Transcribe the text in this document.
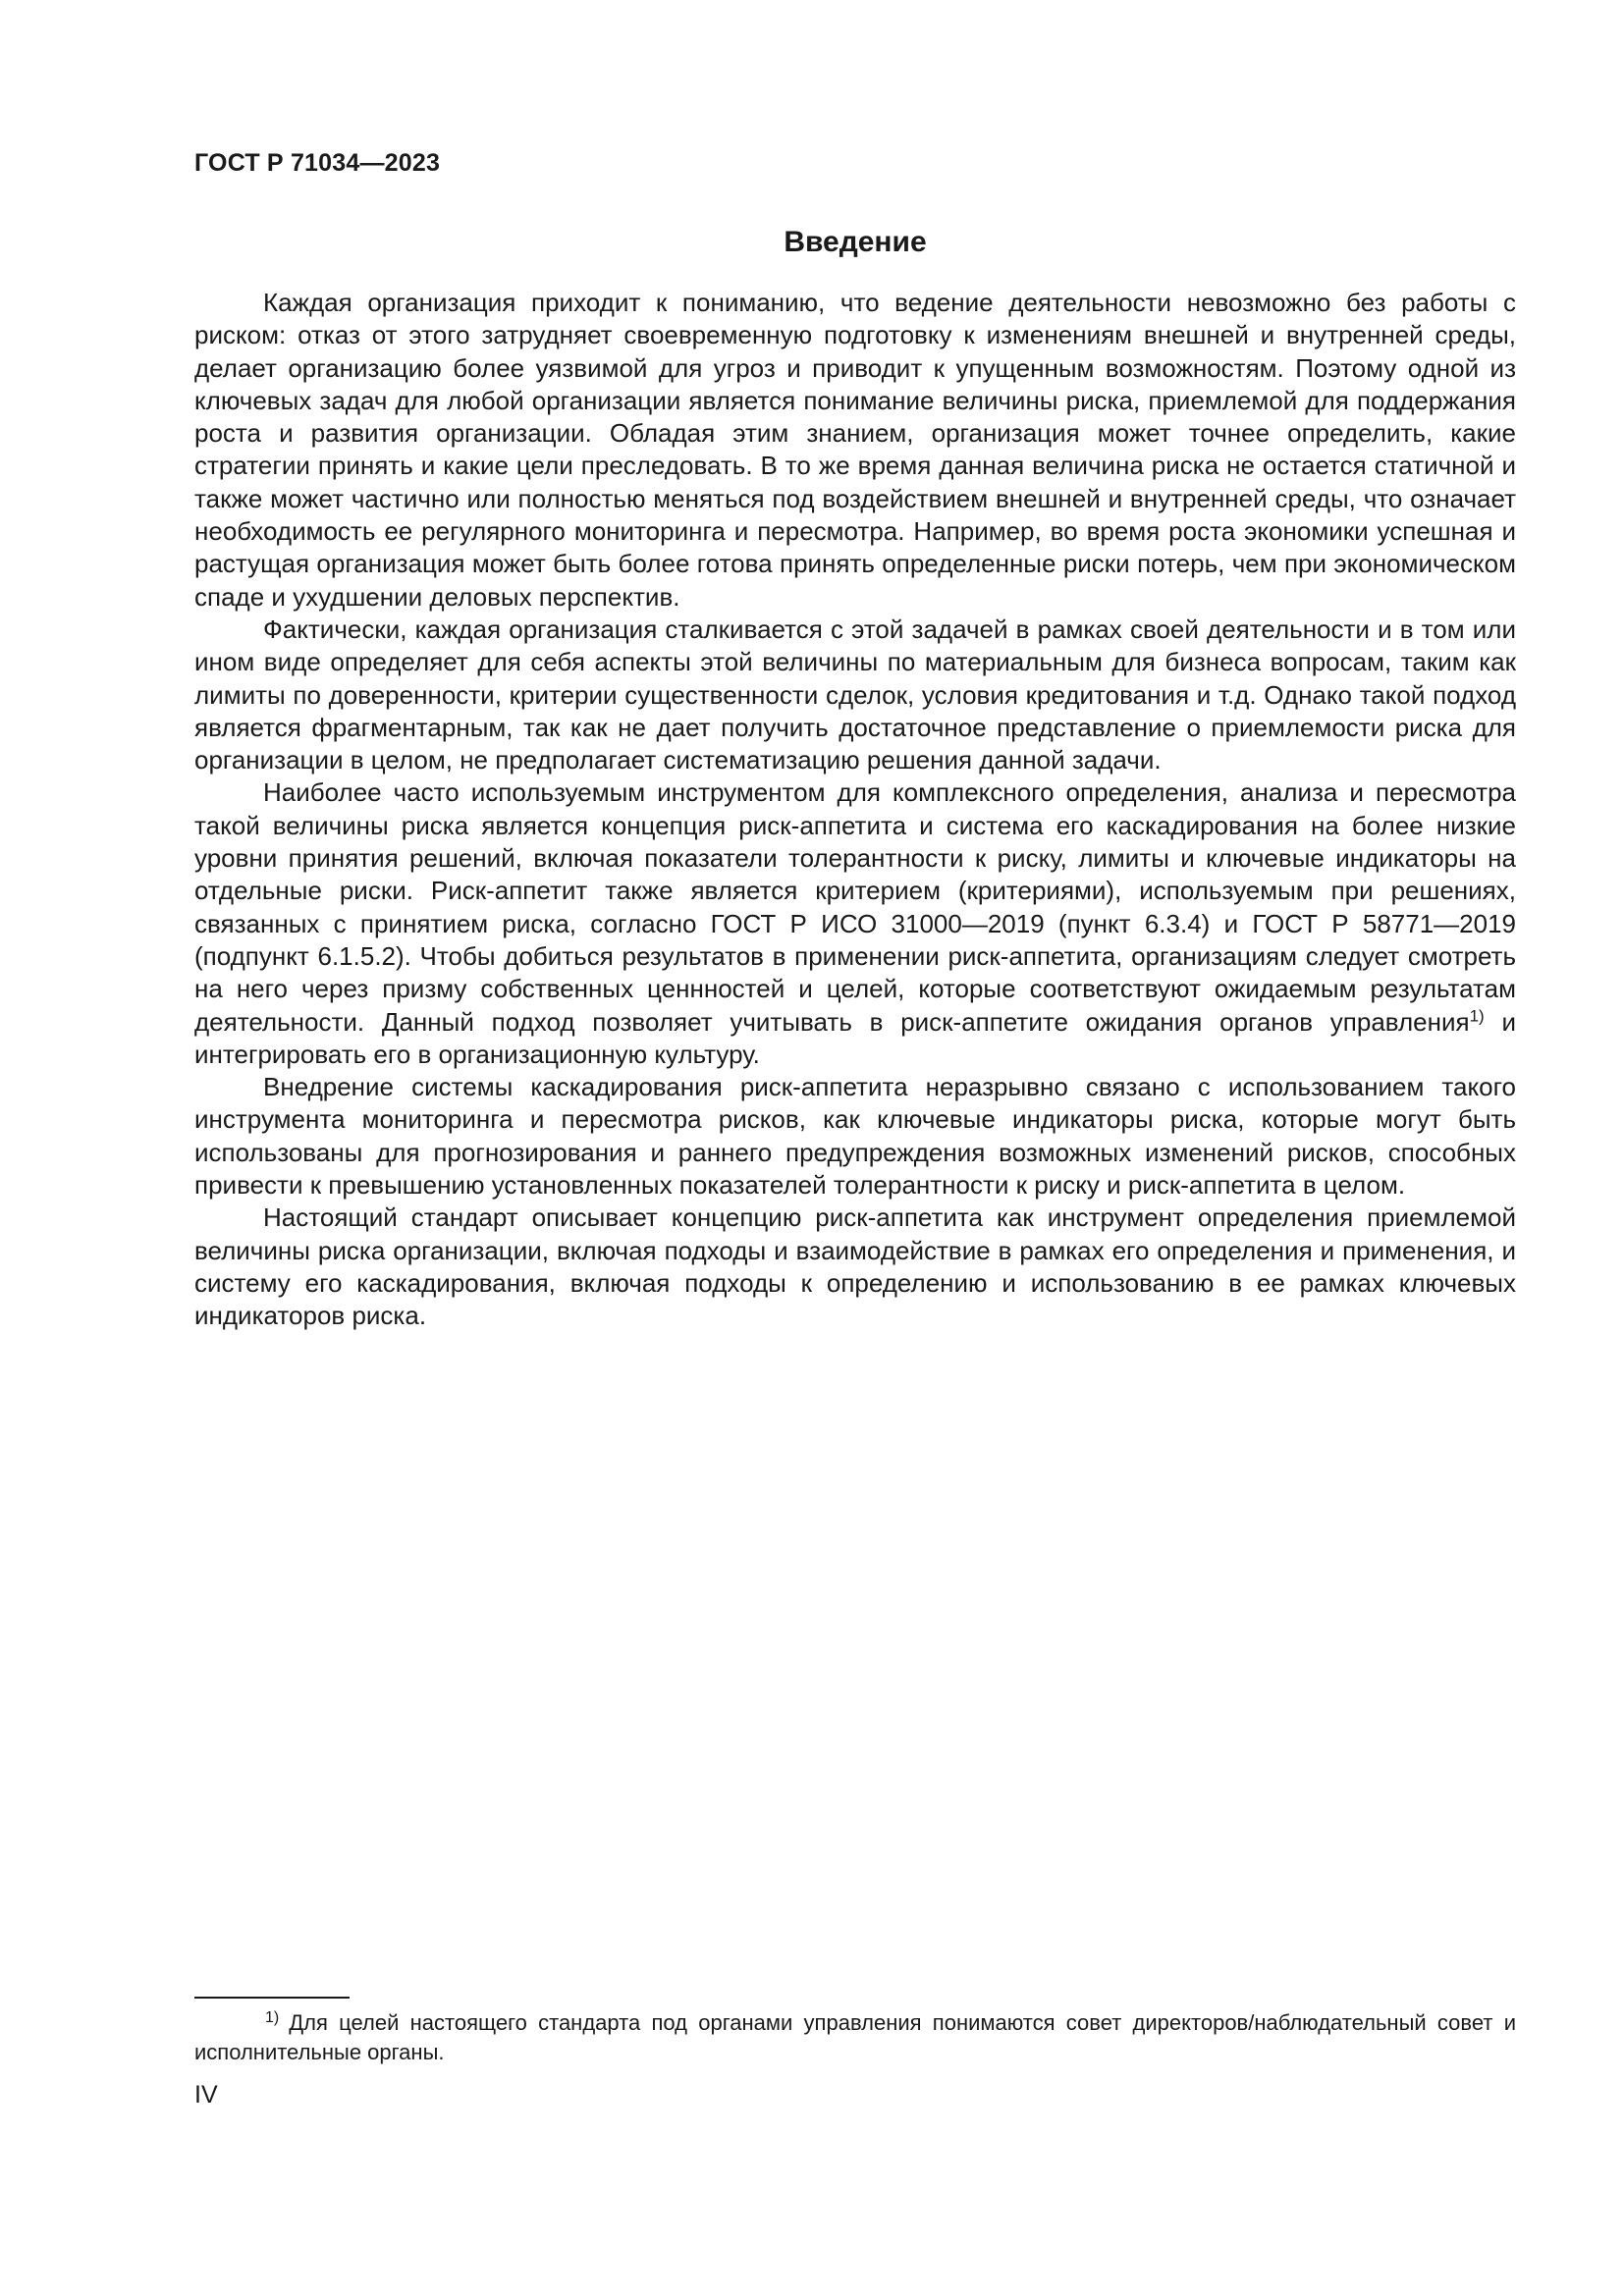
ГОСТ Р 71034—2023
Введение

Каждая организация приходит к пониманию, что ведение деятельности невозможно без работы с риском: отказ от этого затрудняет своевременную подготовку к изменениям внешней и внутренней среды, делает организацию более уязвимой для угроз и приводит к упущенным возможностям. Поэтому одной из ключевых задач для любой организации является понимание величины риска, приемлемой для поддержания роста и развития организации. Обладая этим знанием, организация может точнее определить, какие стратегии принять и какие цели преследовать. В то же время данная величина риска не остается статичной и также может частично или полностью меняться под воздействием внешней и внутренней среды, что означает необходимость ее регулярного мониторинга и пересмотра. Например, во время роста экономики успешная и растущая организация может быть более готова принять определенные риски потерь, чем при экономическом спаде и ухудшении деловых перспектив.

Фактически, каждая организация сталкивается с этой задачей в рамках своей деятельности и в том или ином виде определяет для себя аспекты этой величины по материальным для бизнеса вопросам, таким как лимиты по доверенности, критерии существенности сделок, условия кредитования и т.д. Однако такой подход является фрагментарным, так как не дает получить достаточное представление о приемлемости риска для организации в целом, не предполагает систематизацию решения данной задачи.

Наиболее часто используемым инструментом для комплексного определения, анализа и пересмотра такой величины риска является концепция риск-аппетита и система его каскадирования на более низкие уровни принятия решений, включая показатели толерантности к риску, лимиты и ключевые индикаторы на отдельные риски. Риск-аппетит также является критерием (критериями), используемым при решениях, связанных с принятием риска, согласно ГОСТ Р ИСО 31000—2019 (пункт 6.3.4) и ГОСТ Р 58771—2019 (подпункт 6.1.5.2). Чтобы добиться результатов в применении риск-аппетита, организациям следует смотреть на него через призму собственных ценнностей и целей, которые соответствуют ожидаемым результатам деятельности. Данный подход позволяет учитывать в риск-аппетите ожидания органов управления$^{1)}$ и интегрировать его в организационную культуру.

Внедрение системы каскадирования риск-аппетита неразрывно связано с использованием такого инструмента мониторинга и пересмотра рисков, как ключевые индикаторы риска, которые могут быть использованы для прогнозирования и раннего предупреждения возможных изменений рисков, способных привести к превышению установленных показателей толерантности к риску и риск-аппетита в целом.

Настоящий стандарт описывает концепцию риск-аппетита как инструмент определения приемлемой величины риска организации, включая подходы и взаимодействие в рамках его определения и применения, и систему его каскадирования, включая подходы к определению и использованию в ее рамках ключевых индикаторов риска.

$^{1)}$ Для целей настоящего стандарта под органами управления понимаются совет директоров/наблюдательный совет и исполнительные органы.

IV
